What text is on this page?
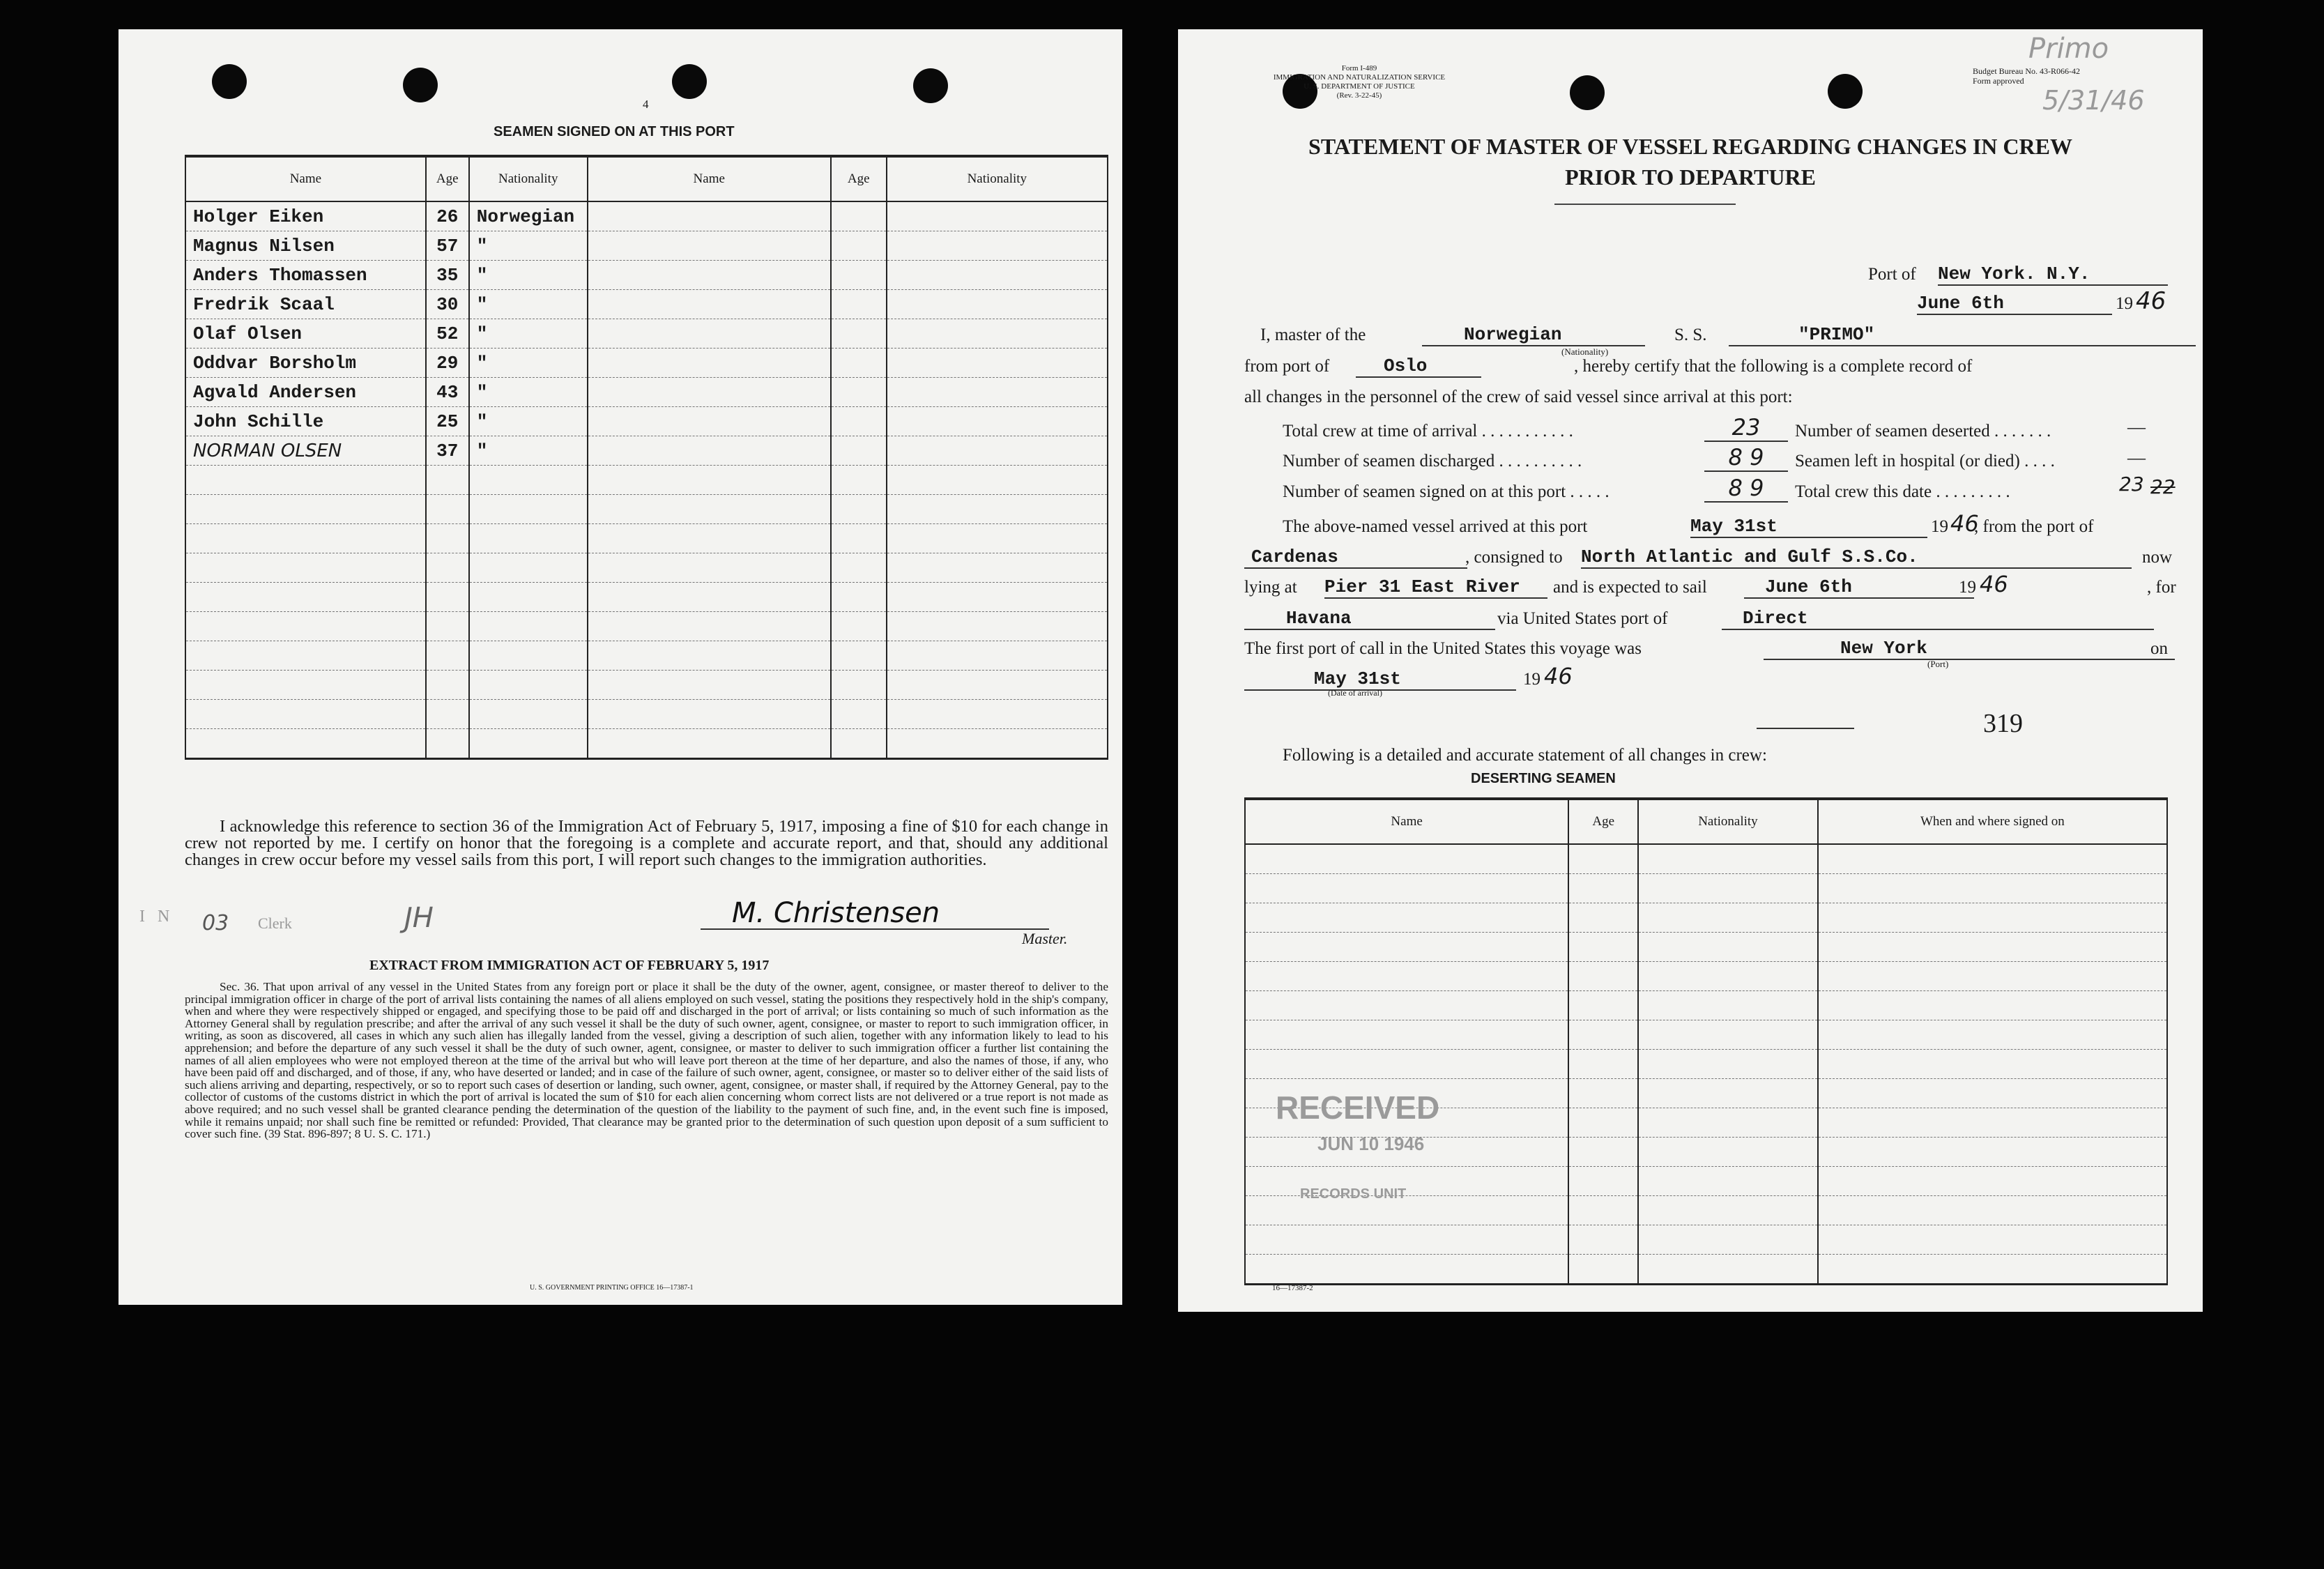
4
SEAMEN SIGNED ON AT THIS PORT
Name	Age	Nationality	Name	Age	Nationality
Holger Eiken	26	Norwegian			
Magnus Nilsen	57	"			
Anders Thomassen	35	"			
Fredrik Scaal	30	"			
Olaf Olsen	52	"			
Oddvar Borsholm	29	"			
Agvald Andersen	43	"			
John Schille	25	"			
NORMAN OLSEN	37	"			

I acknowledge this reference to section 36 of the Immigration Act of February 5, 1917, imposing a fine of $10 for each change in crew not reported by me. I certify on honor that the foregoing is a complete and accurate report, and that, should any additional changes in crew occur before my vessel sails from this port, I will report such changes to the immigration authorities.
I N 03 Clerk	JH	M. Christensen
Master.
EXTRACT FROM IMMIGRATION ACT OF FEBRUARY 5, 1917
Sec. 36. That upon arrival of any vessel in the United States from any foreign port or place it shall be the duty of the owner, agent, consignee, or master thereof to deliver to the principal immigration officer in charge of the port of arrival lists containing the names of all aliens employed on such vessel, stating the positions they respectively hold in the ship's company, when and where they were respectively shipped or engaged, and specifying those to be paid off and discharged in the port of arrival; or lists containing so much of such information as the Attorney General shall by regulation prescribe; and after the arrival of any such vessel it shall be the duty of such owner, agent, consignee, or master to report to such immigration officer, in writing, as soon as discovered, all cases in which any such alien has illegally landed from the vessel, giving a description of such alien, together with any information likely to lead to his apprehension; and before the departure of any such vessel it shall be the duty of such owner, agent, consignee, or master to deliver to such immigration officer a further list containing the names of all alien employees who were not employed thereon at the time of the arrival but who will leave port thereon at the time of her departure, and also the names of those, if any, who have been paid off and discharged, and of those, if any, who have deserted or landed; and in case of the failure of such owner, agent, consignee, or master so to deliver either of the said lists of such aliens arriving and departing, respectively, or so to report such cases of desertion or landing, such owner, agent, consignee, or master shall, if required by the Attorney General, pay to the collector of customs of the customs district in which the port of arrival is located the sum of $10 for each alien concerning whom correct lists are not delivered or a true report is not made as above required; and no such vessel shall be granted clearance pending the determination of the question of the liability to the payment of such fine, and, in the event such fine is imposed, while it remains unpaid; nor shall such fine be remitted or refunded: Provided, That clearance may be granted prior to the determination of such question upon deposit of a sum sufficient to cover such fine. (39 Stat. 896-897; 8 U. S. C. 171.)
U. S. GOVERNMENT PRINTING OFFICE 16—17387-1
Form I-489
IMMIGRATION AND NATURALIZATION SERVICE
U. S. DEPARTMENT OF JUSTICE
(Rev. 3-22-45)
Budget Bureau No. 43-R066-42
Form approved
Primo
5/31/46
STATEMENT OF MASTER OF VESSEL REGARDING CHANGES IN CREW
PRIOR TO DEPARTURE
Port of New York. N.Y.
June 6th	19 46
I, master of the	Norwegian
(Nationality)
S. S.	"PRIMO"
from port of	Oslo	, hereby certify that the following is a complete record of
all changes in the personnel of the crew of said vessel since arrival at this port:
Total crew at time of arrival . . . . . . . . . . .	23
Number of seamen discharged . . . . . . . . . .	8 9
Number of seamen signed on at this port . . . . .	8 9
Number of seamen deserted . . . . . . .	—
Seamen left in hospital (or died) . . . .	—
Total crew this date . . . . . . . . .	23 22
The above-named vessel arrived at this port	May 31st	19 46
, from the port of
Cardenas	, consigned to North Atlantic and Gulf S.S.Co.	now
lying at Pier 31 East River	and is expected to sail	June 6th	19 46	, for
Havana	via United States port of	Direct
The first port of call in the United States this voyage was	New York
(Port)
on
May 31st
(Date of arrival)
19 46
319
Following is a detailed and accurate statement of all changes in crew:
DESERTING SEAMEN
Name	Age	Nationality	When and where signed on

RECEIVED
JUN 10 1946
RECORDS UNIT
16—17387-2
